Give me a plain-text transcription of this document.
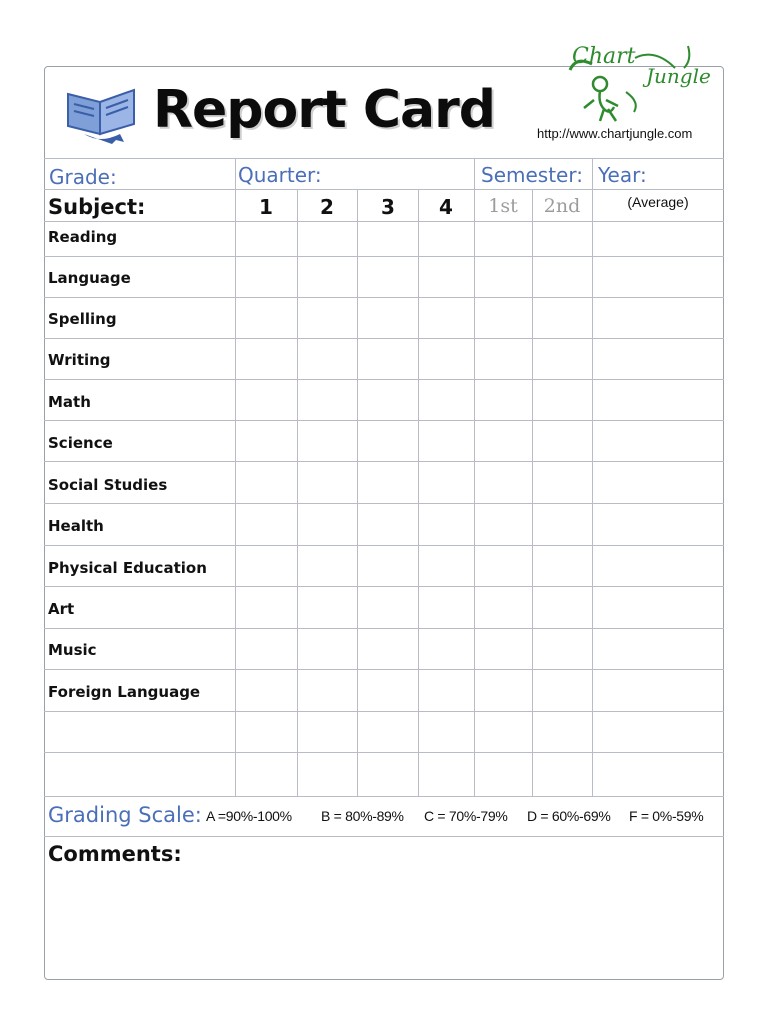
Report Card
Chart
Jungle
http://www.chartjungle.com
Grade:	Quarter:	Semester: Year:
Subject:	1	2	3	4	1st	2nd	(Average)
Reading
Language
Spelling
Writing
Math
Science
Social Studies
Health
Physical Education
Art
Music
Foreign Language
Grading Scale: A =90%-100% B = 80%-89% C = 70%-79% D = 60%-69% F = 0%-59%
Comments:
